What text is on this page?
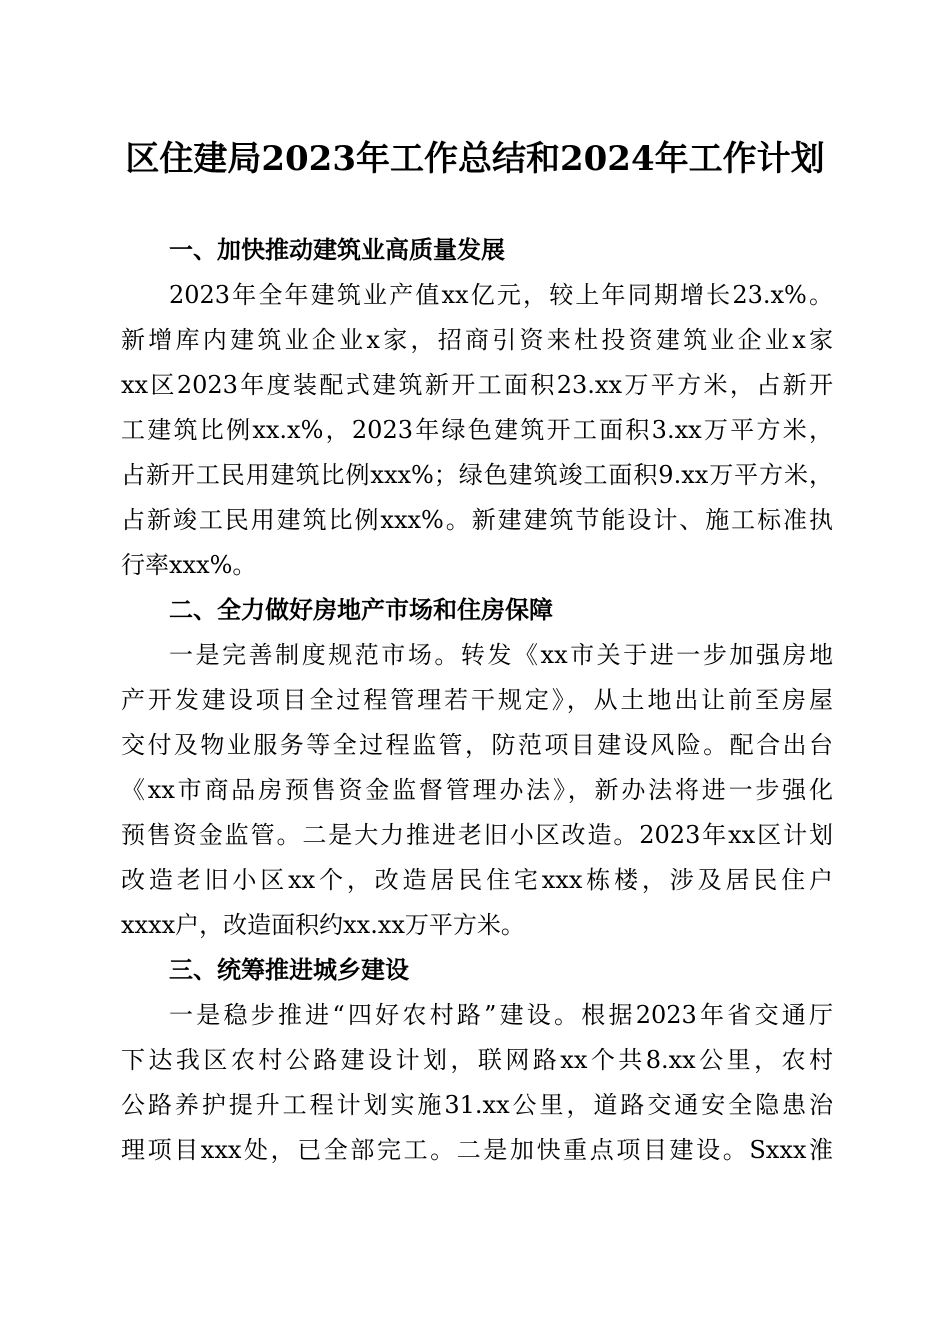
区住建局2023年工作总结和2024年工作计划
一、加快推动建筑业高质量发展
2023年全年建筑业产值xx亿元，较上年同期增长23.x%。
新增库内建筑业企业x家，招商引资来杜投资建筑业企业x家
xx区2023年度装配式建筑新开工面积23.xx万平方米，占新开
工建筑比例xx.x%，2023年绿色建筑开工面积3.xx万平方米，
占新开工民用建筑比例xxx%；绿色建筑竣工面积9.xx万平方米，
占新竣工民用建筑比例xxx%。新建建筑节能设计、施工标准执
行率xxx%。
二、全力做好房地产市场和住房保障
一是完善制度规范市场。转发《xx市关于进一步加强房地
产开发建设项目全过程管理若干规定》，从土地出让前至房屋
交付及物业服务等全过程监管，防范项目建设风险。配合出台
《xx市商品房预售资金监督管理办法》，新办法将进一步强化
预售资金监管。二是大力推进老旧小区改造。2023年xx区计划
改造老旧小区xx个，改造居民住宅xxx栋楼，涉及居民住户
xxxx户，改造面积约xx.xx万平方米。
三、统筹推进城乡建设
一是稳步推进“四好农村路”建设。根据2023年省交通厅
下达我区农村公路建设计划，联网路xx个共8.xx公里，农村
公路养护提升工程计划实施31.xx公里，道路交通安全隐患治
理项目xxx处，已全部完工。二是加快重点项目建设。Sxxx淮
